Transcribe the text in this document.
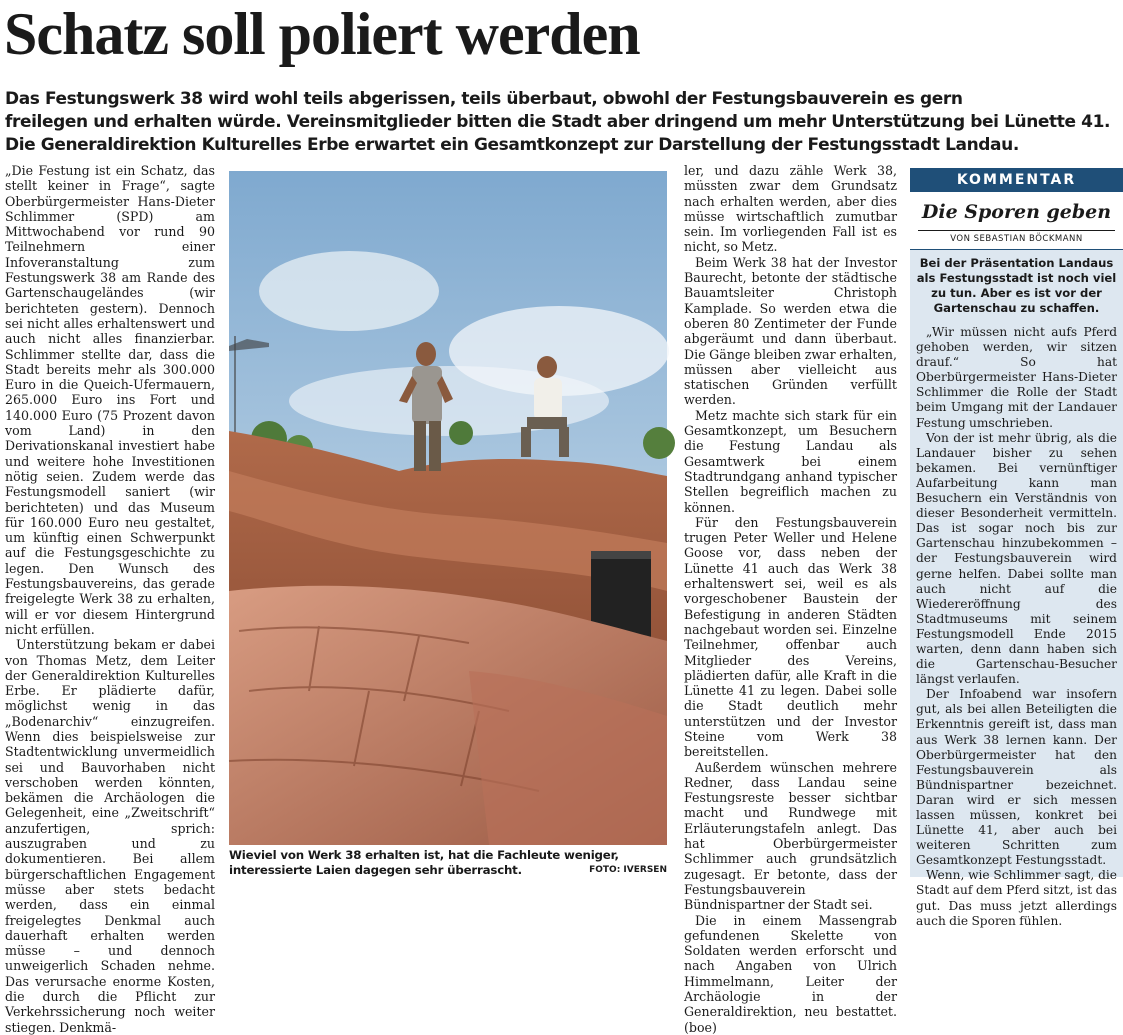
Schatz soll poliert werden
Das Festungswerk 38 wird wohl teils abgerissen, teils überbaut, obwohl der Festungsbauverein es gern
freilegen und erhalten würde. Vereinsmitglieder bitten die Stadt aber dringend um mehr Unterstützung bei Lünette 41.
Die Generaldirektion Kulturelles Erbe erwartet ein Gesamtkonzept zur Darstellung der Festungsstadt Landau.

„Die Festung ist ein Schatz, das stellt keiner in Frage“, sagte Oberbürgermeister Hans-Dieter Schlimmer (SPD) am Mittwochabend vor rund 90 Teilnehmern einer Infoveranstaltung zum Festungswerk 38 am Rande des Gartenschaugeländes (wir berichteten gestern). Dennoch sei nicht alles erhaltenswert und auch nicht alles finanzierbar. Schlimmer stellte dar, dass die Stadt bereits mehr als 300.000 Euro in die Queich-Ufermauern, 265.000 Euro ins Fort und 140.000 Euro (75 Prozent davon vom Land) in den Derivationskanal investiert habe und weitere hohe Investitionen nötig seien. Zudem werde das Festungsmodell saniert (wir berichteten) und das Museum für 160.000 Euro neu gestaltet, um künftig einen Schwerpunkt auf die Festungsgeschichte zu legen. Den Wunsch des Festungsbauvereins, das gerade freigelegte Werk 38 zu erhalten, will er vor diesem Hintergrund nicht erfüllen.

Unterstützung bekam er dabei von Thomas Metz, dem Leiter der Generaldirektion Kulturelles Erbe. Er plädierte dafür, möglichst wenig in das „Bodenarchiv“ einzugreifen. Wenn dies beispielsweise zur Stadtentwicklung unvermeidlich sei und Bauvorhaben nicht verschoben werden könnten, bekämen die Archäologen die Gelegenheit, eine „Zweitschrift“ anzufertigen, sprich: auszugraben und zu dokumentieren. Bei allem bürgerschaftlichen Engagement müsse aber stets bedacht werden, dass ein einmal freigelegtes Denkmal auch dauerhaft erhalten werden müsse – und dennoch unweigerlich Schaden nehme. Das verursache enorme Kosten, die durch die Pflicht zur Verkehrssicherung noch weiter stiegen. Denkmä-

Wieviel von Werk 38 erhalten ist, hat die Fachleute weniger, interessierte Laien dagegen sehr überrascht.	FOTO: IVERSEN

ler, und dazu zähle Werk 38, müssten zwar dem Grundsatz nach erhalten werden, aber dies müsse wirtschaftlich zumutbar sein. Im vorliegenden Fall ist es nicht, so Metz.

Beim Werk 38 hat der Investor Baurecht, betonte der städtische Bauamtsleiter Christoph Kamplade. So werden etwa die oberen 80 Zentimeter der Funde abgeräumt und dann überbaut. Die Gänge bleiben zwar erhalten, müssen aber vielleicht aus statischen Gründen verfüllt werden.

Metz machte sich stark für ein Gesamtkonzept, um Besuchern die Festung Landau als Gesamtwerk bei einem Stadtrundgang anhand typischer Stellen begreiflich machen zu können.

Für den Festungsbauverein trugen Peter Weller und Helene Goose vor, dass neben der Lünette 41 auch das Werk 38 erhaltenswert sei, weil es als vorgeschobener Baustein der Befestigung in anderen Städten nachgebaut worden sei. Einzelne Teilnehmer, offenbar auch Mitglieder des Vereins, plädierten dafür, alle Kraft in die Lünette 41 zu legen. Dabei solle die Stadt deutlich mehr unterstützen und der Investor Steine vom Werk 38 bereitstellen.

Außerdem wünschen mehrere Redner, dass Landau seine Festungsreste besser sichtbar macht und Rundwege mit Erläuterungstafeln anlegt. Das hat Oberbürgermeister Schlimmer auch grundsätzlich zugesagt. Er betonte, dass der Festungsbauverein Bündnispartner der Stadt sei.

Die in einem Massengrab gefundenen Skelette von Soldaten werden erforscht und nach Angaben von Ulrich Himmelmann, Leiter der Archäologie in der Generaldirektion, neu bestattet. (boe)

KOMMENTAR
Die Sporen geben
VON SEBASTIAN BÖCKMANN

Bei der Präsentation Landaus als Festungsstadt ist noch viel zu tun. Aber es ist vor der Gartenschau zu schaffen.

„Wir müssen nicht aufs Pferd gehoben werden, wir sitzen drauf.“ So hat Oberbürgermeister Hans-Dieter Schlimmer die Rolle der Stadt beim Umgang mit der Landauer Festung umschrieben.

Von der ist mehr übrig, als die Landauer bisher zu sehen bekamen. Bei vernünftiger Aufarbeitung kann man Besuchern ein Verständnis von dieser Besonderheit vermitteln. Das ist sogar noch bis zur Gartenschau hinzubekommen – der Festungsbauverein wird gerne helfen. Dabei sollte man auch nicht auf die Wiedereröffnung des Stadtmuseums mit seinem Festungsmodell Ende 2015 warten, denn dann haben sich die Gartenschau-Besucher längst verlaufen.

Der Infoabend war insofern gut, als bei allen Beteiligten die Erkenntnis gereift ist, dass man aus Werk 38 lernen kann. Der Oberbürgermeister hat den Festungsbauverein als Bündnispartner bezeichnet. Daran wird er sich messen lassen müssen, konkret bei Lünette 41, aber auch bei weiteren Schritten zum Gesamtkonzept Festungsstadt.

Wenn, wie Schlimmer sagt, die Stadt auf dem Pferd sitzt, ist das gut. Das muss jetzt allerdings auch die Sporen fühlen.
